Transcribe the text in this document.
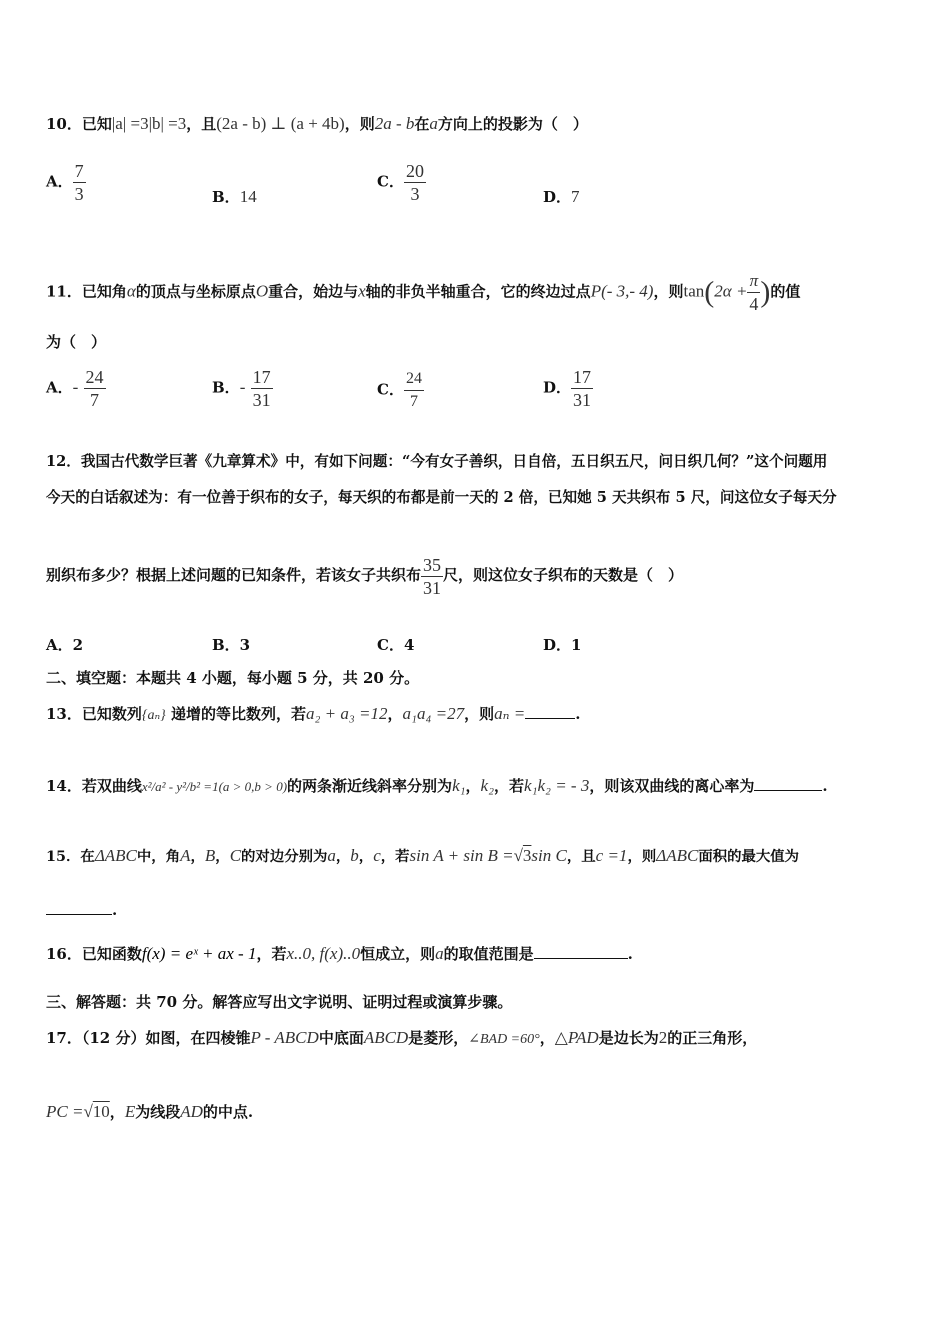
10．已知|a| =3|b| =3，且(2a - b) ⊥ (a + 4b)，则2a - b在a方向上的投影为（　）
A． $\frac{7}{3}$	B．14
C． $\frac{20}{3}$	D．7
11．已知角α的顶点与坐标原点O重合，始边与x轴的非负半轴重合，它的终边过点P(- 3,- 4)，则$\tan(2\alpha + \frac{\pi}{4}$ )的值
为（　）
A．- $\frac{24}{7}$	B．- $\frac{17}{31}$	C． $\frac{24}{7}$	D． $\frac{17}{31}$
12．我国古代数学巨著《九章算术》中，有如下问题：“今有女子善织，日自倍，五日织五尺，问日织几何？”这个问题用
今天的白话叙述为：有一位善于织布的女子，每天织的布都是前一天的 2 倍，已知她 5 天共织布 5 尺，问这位女子每天分
别织布多少？根据上述问题的已知条件，若该女子共织布 $\frac{35}{31}$ 尺，则这位女子织布的天数是（　）
A．2	B．3	C．4	D．1
二、填空题：本题共 4 小题，每小题 5 分，共 20 分。
13．已知数列{aₙ} 递增的等比数列，若a₂ + a₃ =12，a₁a₄ =27，则aₙ =	.
14．若双曲线x²/a² - y²/b² =1(a > 0,b > 0)的两条渐近线斜率分别为k₁，k₂，若k₁k₂ = - 3，则该双曲线的离心率为	.
15．在ΔABC中，角A，B，C的对边分别为a，b，c，若sin A + sin B =√3sin C，且c =1，则ΔABC面积的最大值为
.
16．已知函数f(x) = eˣ + ax - 1，若x..0, f(x)..0恒成立，则a的取值范围是	.
三、解答题：共 70 分。解答应写出文字说明、证明过程或演算步骤。
17．（12 分）如图，在四棱锥P - ABCD中底面ABCD是菱形，∠BAD =60°，△PAD是边长为2的正三角形，
PC =√10，E为线段AD的中点.
